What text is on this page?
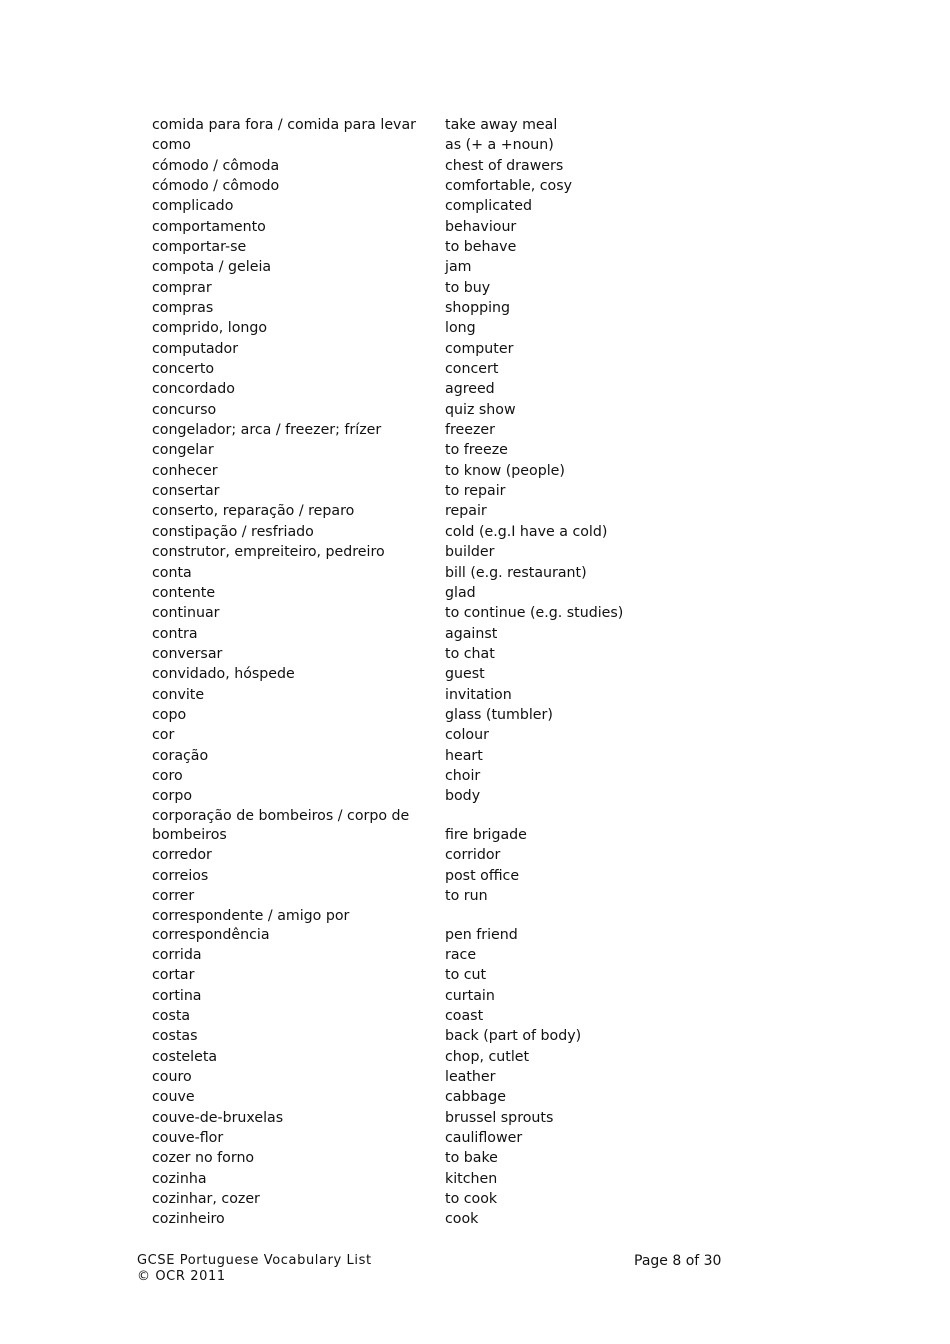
comida para fora / comida para levar	take away meal
como	as (+ a +noun)
cómodo / cômoda	chest of drawers
cómodo / cômodo	comfortable, cosy
complicado	complicated
comportamento	behaviour
comportar-se	to behave
compota / geleia	jam
comprar	to buy
compras	shopping
comprido, longo	long
computador	computer
concerto	concert
concordado	agreed
concurso	quiz show
congelador; arca / freezer; frízer	freezer
congelar	to freeze
conhecer	to know (people)
consertar	to repair
conserto, reparação / reparo	repair
constipação / resfriado	cold (e.g.I have a cold)
construtor, empreiteiro, pedreiro	builder
conta	bill (e.g. restaurant)
contente	glad
continuar	to continue (e.g. studies)
contra	against
conversar	to chat
convidado, hóspede	guest
convite	invitation
copo	glass (tumbler)
cor	colour
coração	heart
coro	choir
corpo	body
corporação de bombeiros / corpo de bombeiros	fire brigade
corredor	corridor
correios	post office
correr	to run
correspondente / amigo por correspondência	pen friend
corrida	race
cortar	to cut
cortina	curtain
costa	coast
costas	back (part of body)
costeleta	chop, cutlet
couro	leather
couve	cabbage
couve-de-bruxelas	brussel sprouts
couve-flor	cauliflower
cozer no forno	to bake
cozinha	kitchen
cozinhar, cozer	to cook
cozinheiro	cook
GCSE Portuguese Vocabulary List
© OCR 2011
Page 8 of 30
